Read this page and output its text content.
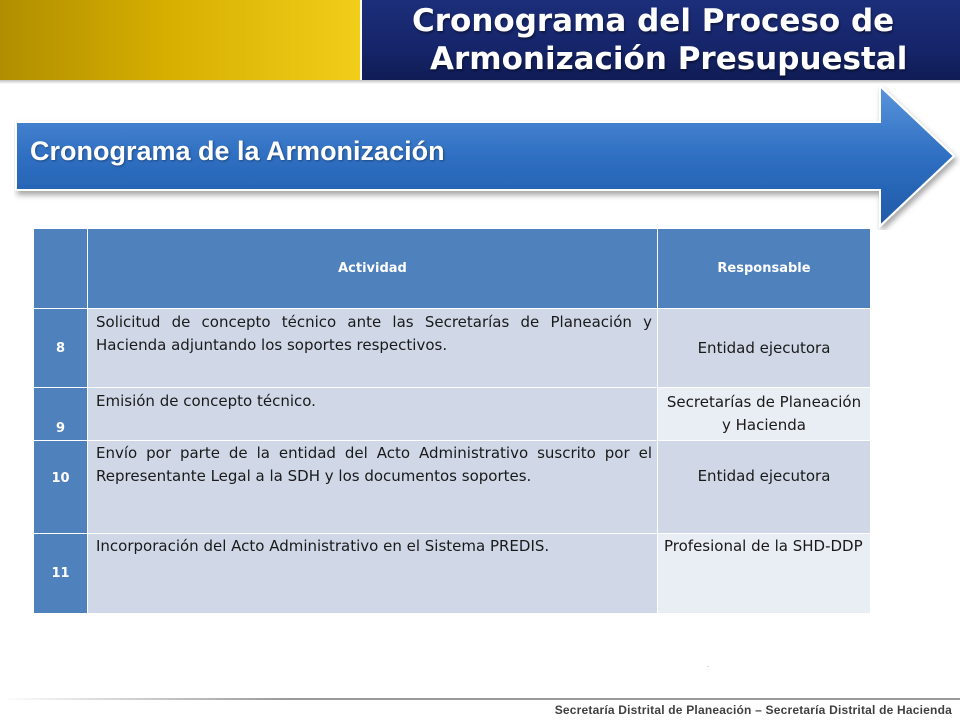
Cronograma del Proceso de
Armonización Presupuestal
Cronograma de la Armonización
	Actividad	Responsable
8	Solicitud de concepto técnico ante las Secretarías de Planeación y Hacienda adjuntando los soportes respectivos.	Entidad ejecutora
9	Emisión de concepto técnico.	Secretarías de Planeación y Hacienda
10	Envío por parte de la entidad del Acto Administrativo suscrito por el Representante Legal a la SDH y los documentos soportes.	Entidad ejecutora
11	Incorporación del Acto Administrativo en el Sistema PREDIS.	Profesional de la SHD-DDP
.
Secretaría Distrital de Planeación – Secretaría Distrital de Hacienda
